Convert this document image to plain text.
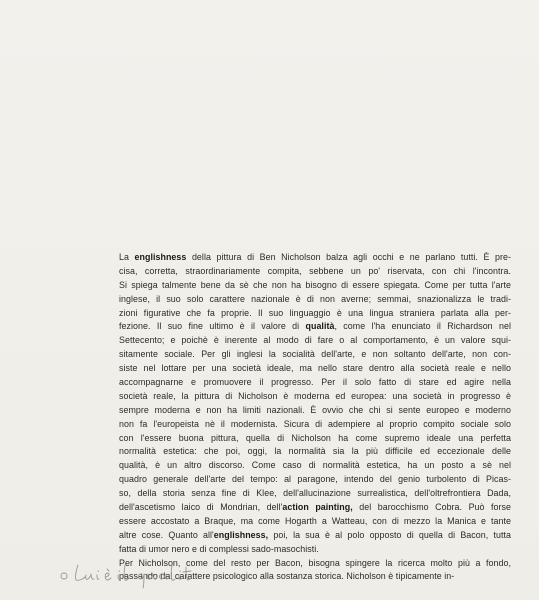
La englishness della pittura di Ben Nicholson balza agli occhi e ne parlano tutti. È pre-
cisa, corretta, straordinariamente compita, sebbene un po' riservata, con chi l'incontra.
Si spiega talmente bene da sè che non ha bisogno di essere spiegata. Come per tutta l'arte
inglese, il suo solo carattere nazionale è di non averne; semmai, snazionalizza le tradi-
zioni figurative che fa proprie. Il suo linguaggio è una lingua straniera parlata alla per-
fezione. Il suo fine ultimo è il valore di qualità, come l'ha enunciato il Richardson nel
Settecento; e poichè è inerente al modo di fare o al comportamento, è un valore squi-
sitamente sociale. Per gli inglesi la socialità dell'arte, e non soltanto dell'arte, non con-
siste nel lottare per una società ideale, ma nello stare dentro alla società reale e nello
accompagnarne e promuovere il progresso. Per il solo fatto di stare ed agire nella
società reale, la pittura di Nicholson è moderna ed europea: una società in progresso è
sempre moderna e non ha limiti nazionali. È ovvio che chi si sente europeo e moderno
non fa l'europeista nè il modernista. Sicura di adempiere al proprio compito sociale solo
con l'essere buona pittura, quella di Nicholson ha come supremo ideale una perfetta
normalità estetica: che poi, oggi, la normalità sia la più difficile ed eccezionale delle
qualità, è un altro discorso. Come caso di normalità estetica, ha un posto a sè nel
quadro generale dell'arte del tempo: al paragone, intendo del genio turbolento di Picas-
so, della storia senza fine di Klee, dell'allucinazione surrealistica, dell'oltrefrontiera Dada,
dell'ascetismo laico di Mondrian, dell'action painting, del barocchismo Cobra. Può forse
essere accostato a Braque, ma come Hogarth a Watteau, con di mezzo la Manica e tante
altre cose. Quanto all'englishness, poi, la sua è al polo opposto di quella di Bacon, tutta
fatta di umor nero e di complessi sado-masochisti.
Per Nicholson, come del resto per Bacon, bisogna spingere la ricerca molto più a fondo,
passando dal carattere psicologico alla sostanza storica. Nicholson è tipicamente in-
